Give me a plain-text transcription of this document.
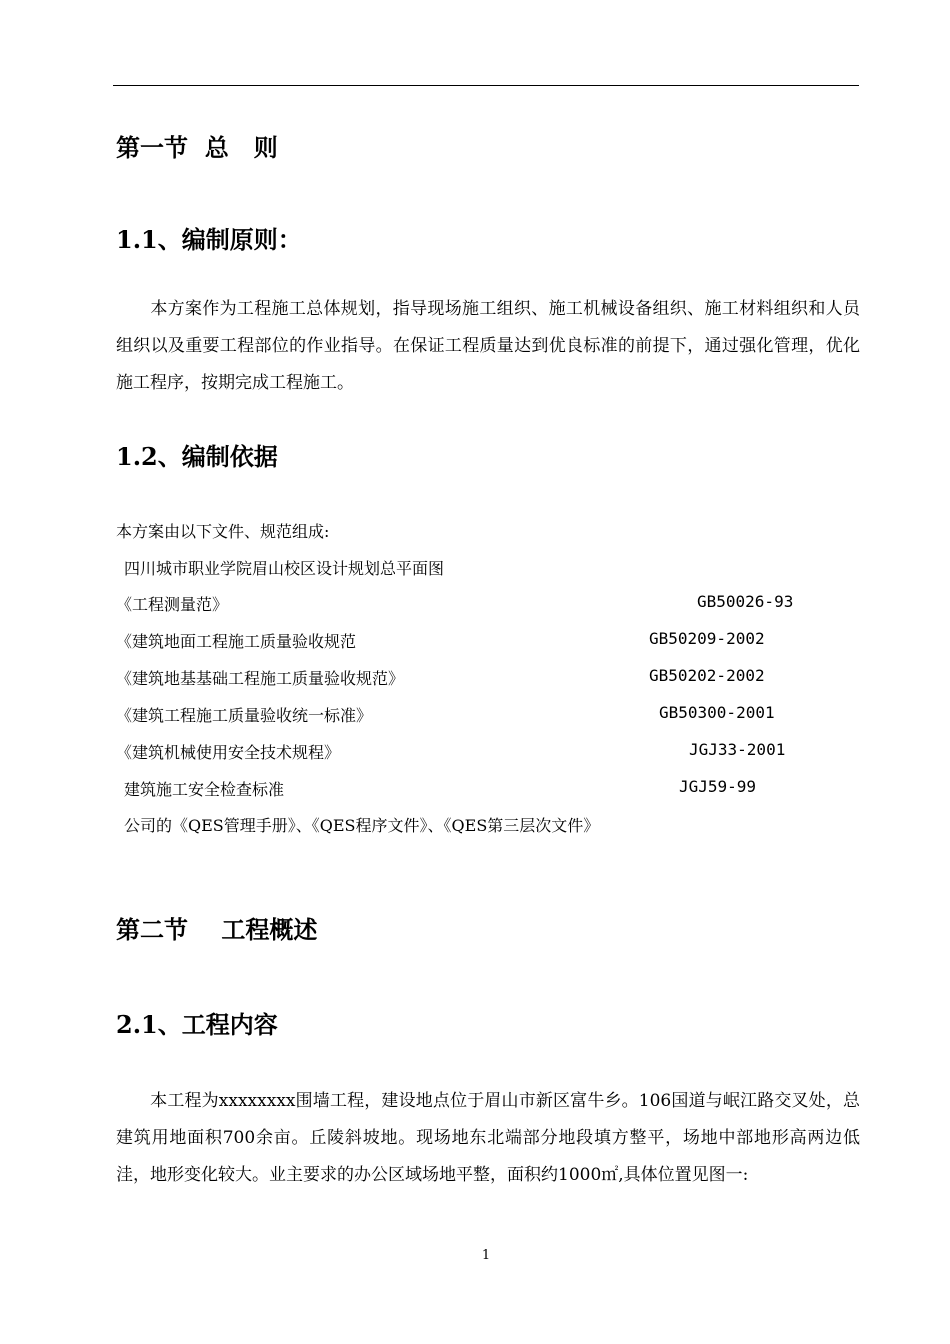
第一节  总   则
1.1、编制原则：
本方案作为工程施工总体规划，指导现场施工组织、施工机械设备组织、施工材料组织和人员组织以及重要工程部位的作业指导。在保证工程质量达到优良标准的前提下，通过强化管理，优化施工程序，按期完成工程施工。
1.2、编制依据
本方案由以下文件、规范组成:
四川城市职业学院眉山校区设计规划总平面图
《工程测量范》	GB50026-93
《建筑地面工程施工质量验收规范	GB50209-2002
《建筑地基基础工程施工质量验收规范》	GB50202-2002
《建筑工程施工质量验收统一标准》	GB50300-2001
《建筑机械使用安全技术规程》	JGJ33-2001
建筑施工安全检查标准	JGJ59-99
公司的《QES管理手册》、《QES程序文件》、《QES第三层次文件》
第二节    工程概述
2.1、工程内容
本工程为xxxxxxxx围墙工程，建设地点位于眉山市新区富牛乡。106国道与岷江路交叉处，总建筑用地面积700余亩。丘陵斜坡地。现场地东北端部分地段填方整平，场地中部地形高两边低洼，地形变化较大。业主要求的办公区域场地平整，面积约1000㎡,具体位置见图一:
1
